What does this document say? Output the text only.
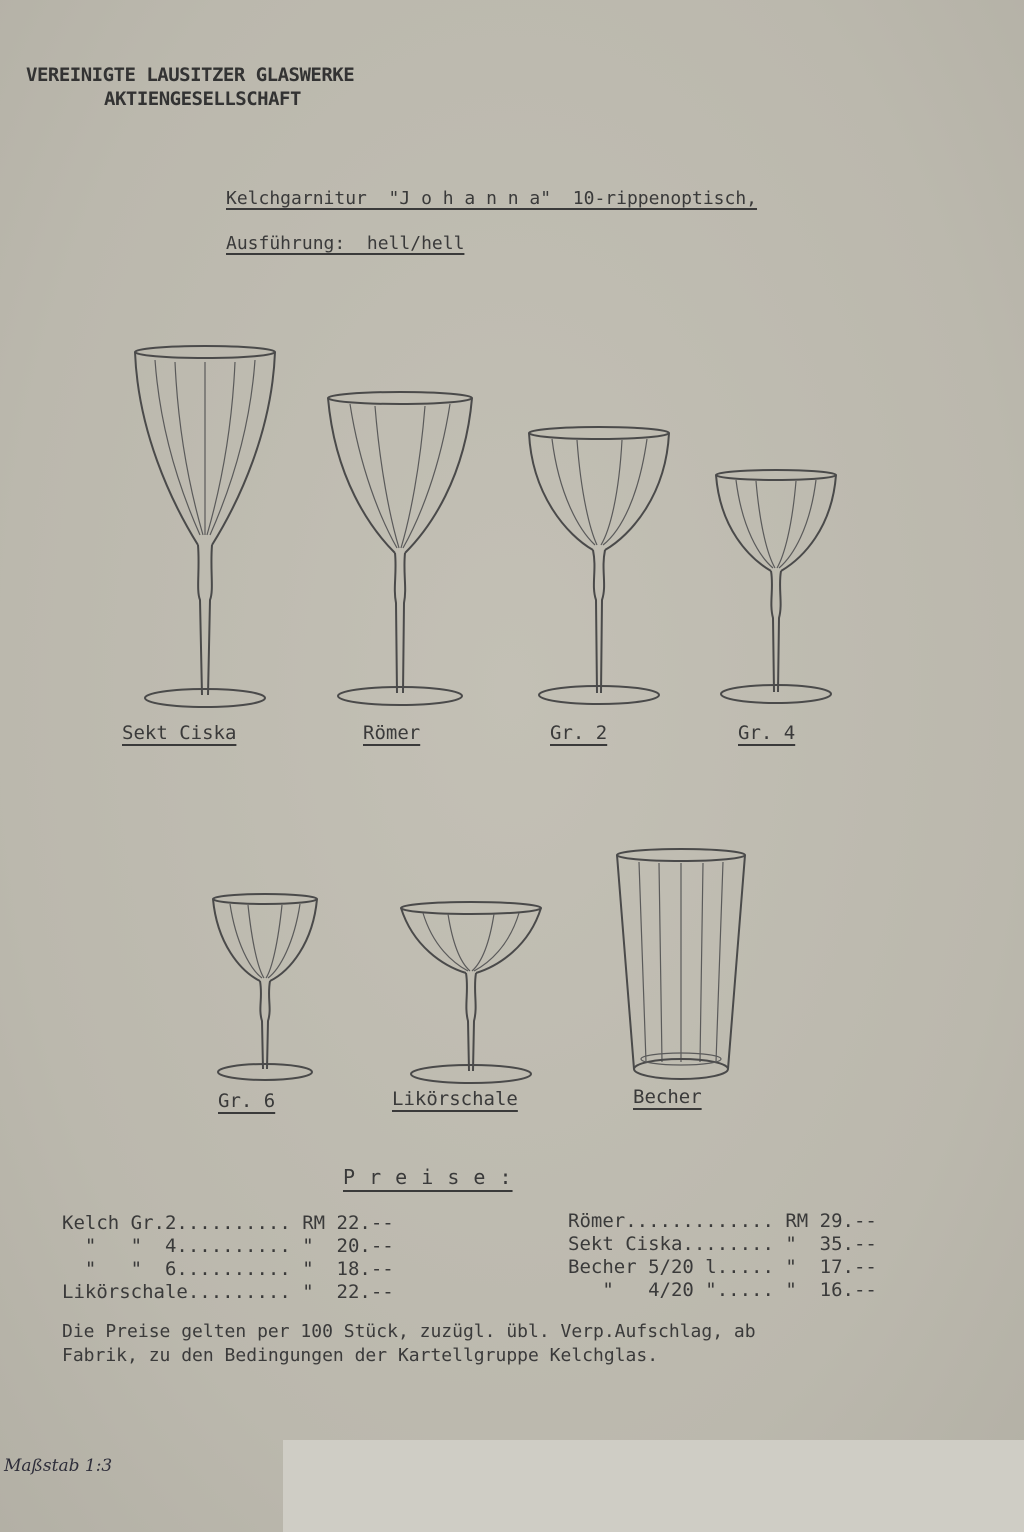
VEREINIGTE LAUSITZER GLASWERKE
AKTIENGESELLSCHAFT
Kelchgarnitur  "J o h a n n a"  10-rippenoptisch,
Ausführung:  hell/hell
Sekt Ciska	Römer	Gr. 2	Gr. 4
Gr. 6	Likörschale	Becher
P r e i s e :
Kelch Gr.2.......... RM 22.--
"   "  4.......... "  20.--
"   "  6.......... "  18.--
Likörschale......... "  22.--
Römer............. RM 29.--
Sekt Ciska........ "  35.--
Becher 5/20 l..... "  17.--
"   4/20 "..... "  16.--
Die Preise gelten per 100 Stück, zuzügl. übl. Verp.Aufschlag, ab
Fabrik, zu den Bedingungen der Kartellgruppe Kelchglas.
Maßstab 1:3
